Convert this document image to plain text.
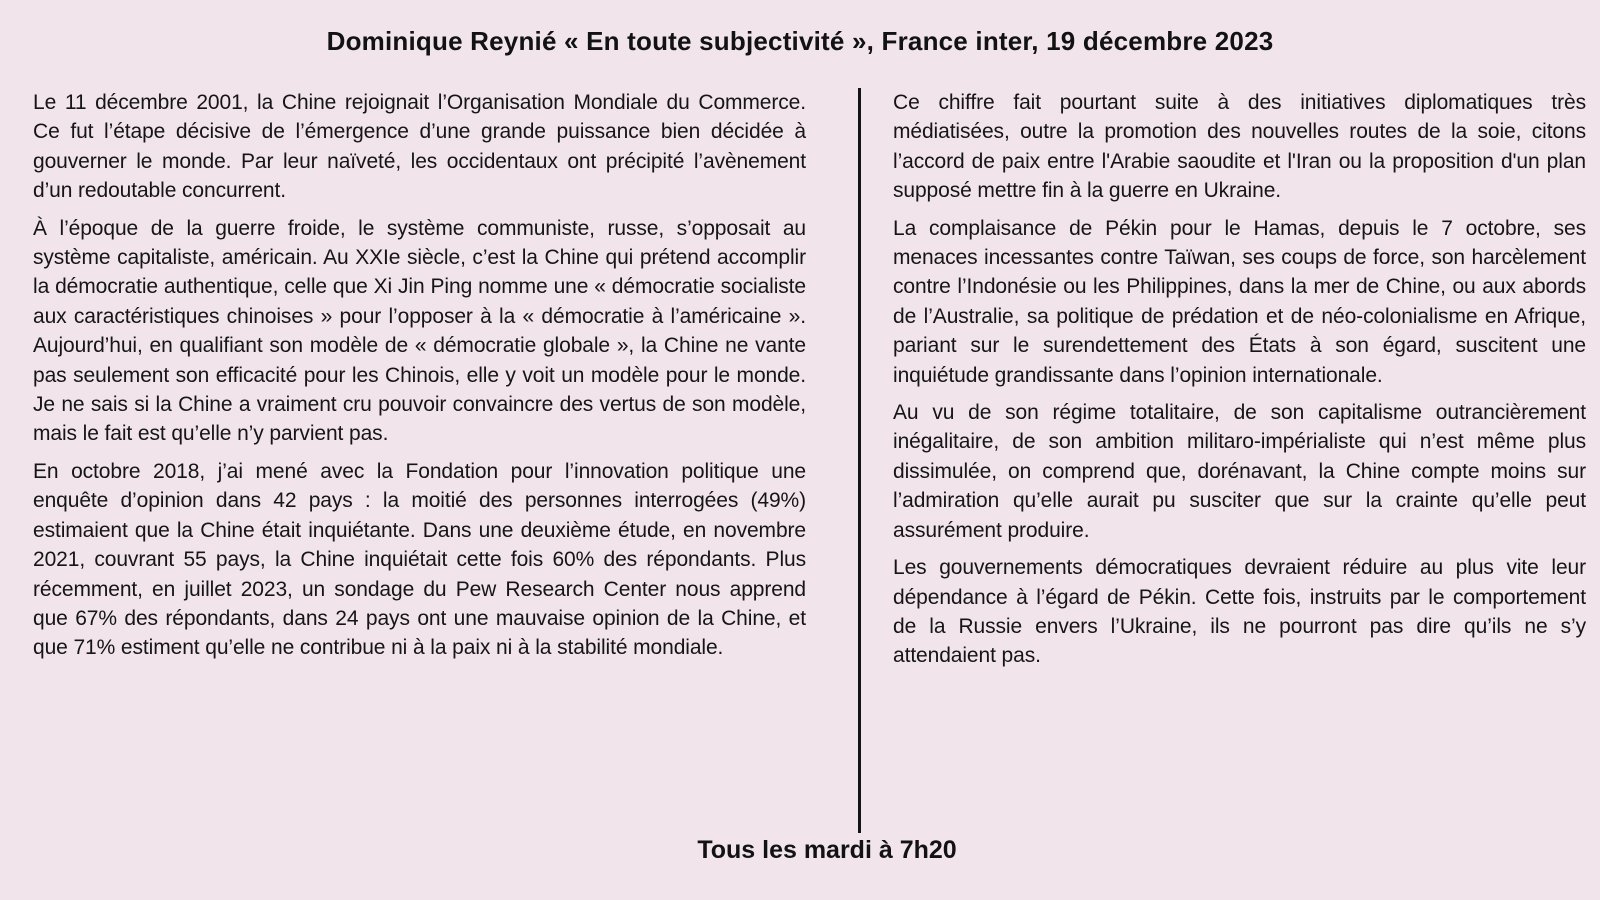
Dominique Reynié « En toute subjectivité », France inter, 19 décembre 2023

Le 11 décembre 2001, la Chine rejoignait l’Organisation Mondiale du Commerce. Ce fut l’étape décisive de l’émergence d’une grande puissance bien décidée à gouverner le monde. Par leur naïveté, les occidentaux ont précipité l’avènement d’un redoutable concurrent.

À l’époque de la guerre froide, le système communiste, russe, s’opposait au système capitaliste, américain. Au XXIe siècle, c’est la Chine qui prétend accomplir la démocratie authentique, celle que Xi Jin Ping nomme une « démocratie socialiste aux caractéristiques chinoises » pour l’opposer à la « démocratie à l’américaine ». Aujourd’hui, en qualifiant son modèle de « démocratie globale », la Chine ne vante pas seulement son efficacité pour les Chinois, elle y voit un modèle pour le monde. Je ne sais si la Chine a vraiment cru pouvoir convaincre des vertus de son modèle, mais le fait est qu’elle n’y parvient pas.

En octobre 2018, j’ai mené avec la Fondation pour l’innovation politique une enquête d’opinion dans 42 pays : la moitié des personnes interrogées (49%) estimaient que la Chine était inquiétante. Dans une deuxième étude, en novembre 2021, couvrant 55 pays, la Chine inquiétait cette fois 60% des répondants. Plus récemment, en juillet 2023, un sondage du Pew Research Center nous apprend que 67% des répondants, dans 24 pays ont une mauvaise opinion de la Chine, et que 71% estiment qu’elle ne contribue ni à la paix ni à la stabilité mondiale.

Ce chiffre fait pourtant suite à des initiatives diplomatiques très médiatisées, outre la promotion des nouvelles routes de la soie, citons l’accord de paix entre l'Arabie saoudite et l'Iran ou la proposition d'un plan supposé mettre fin à la guerre en Ukraine.

La complaisance de Pékin pour le Hamas, depuis le 7 octobre, ses menaces incessantes contre Taïwan, ses coups de force, son harcèlement contre l’Indonésie ou les Philippines, dans la mer de Chine, ou aux abords de l’Australie, sa politique de prédation et de néo-colonialisme en Afrique, pariant sur le surendettement des États à son égard, suscitent une inquiétude grandissante dans l’opinion internationale.

Au vu de son régime totalitaire, de son capitalisme outrancièrement inégalitaire, de son ambition militaro-impérialiste qui n’est même plus dissimulée, on comprend que, dorénavant, la Chine compte moins sur l’admiration qu’elle aurait pu susciter que sur la crainte qu’elle peut assurément produire.

Les gouvernements démocratiques devraient réduire au plus vite leur dépendance à l’égard de Pékin. Cette fois, instruits par le comportement de la Russie envers l’Ukraine, ils ne pourront pas dire qu’ils ne s’y attendaient pas.

Tous les mardi à 7h20
